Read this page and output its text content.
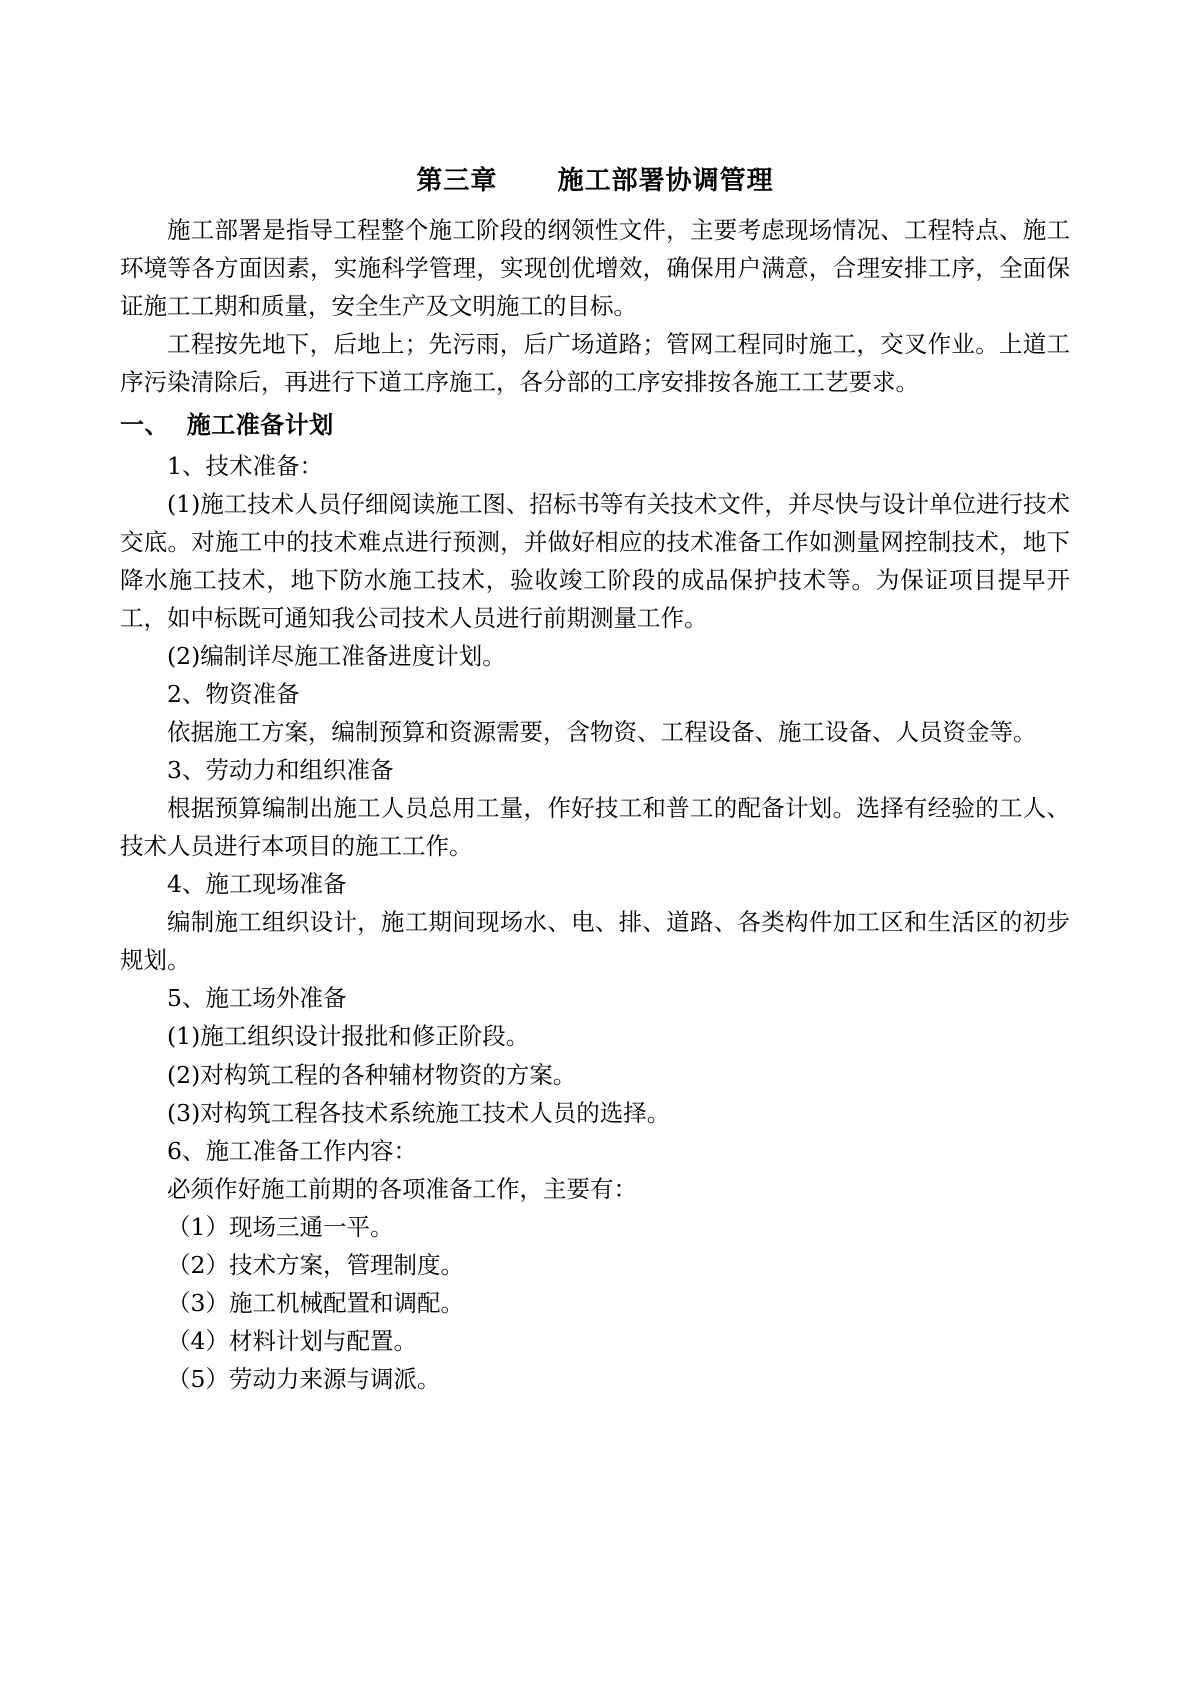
第三章      施工部署协调管理

施工部署是指导工程整个施工阶段的纲领性文件，主要考虑现场情况、工程特点、施工环境等各方面因素，实施科学管理，实现创优增效，确保用户满意，合理安排工序，全面保证施工工期和质量，安全生产及文明施工的目标。

工程按先地下，后地上；先污雨，后广场道路；管网工程同时施工，交叉作业。上道工序污染清除后，再进行下道工序施工，各分部的工序安排按各施工工艺要求。

一、  施工准备计划

1、技术准备：

(1)施工技术人员仔细阅读施工图、招标书等有关技术文件，并尽快与设计单位进行技术交底。对施工中的技术难点进行预测，并做好相应的技术准备工作如测量网控制技术，地下降水施工技术，地下防水施工技术，验收竣工阶段的成品保护技术等。为保证项目提早开工，如中标既可通知我公司技术人员进行前期测量工作。

(2)编制详尽施工准备进度计划。

2、物资准备

依据施工方案，编制预算和资源需要，含物资、工程设备、施工设备、人员资金等。

3、劳动力和组织准备

根据预算编制出施工人员总用工量，作好技工和普工的配备计划。选择有经验的工人、技术人员进行本项目的施工工作。

4、施工现场准备

编制施工组织设计，施工期间现场水、电、排、道路、各类构件加工区和生活区的初步规划。

5、施工场外准备

(1)施工组织设计报批和修正阶段。

(2)对构筑工程的各种辅材物资的方案。

(3)对构筑工程各技术系统施工技术人员的选择。

6、施工准备工作内容：

必须作好施工前期的各项准备工作，主要有：

（1）现场三通一平。

（2）技术方案，管理制度。

（3）施工机械配置和调配。

（4）材料计划与配置。

（5）劳动力来源与调派。
